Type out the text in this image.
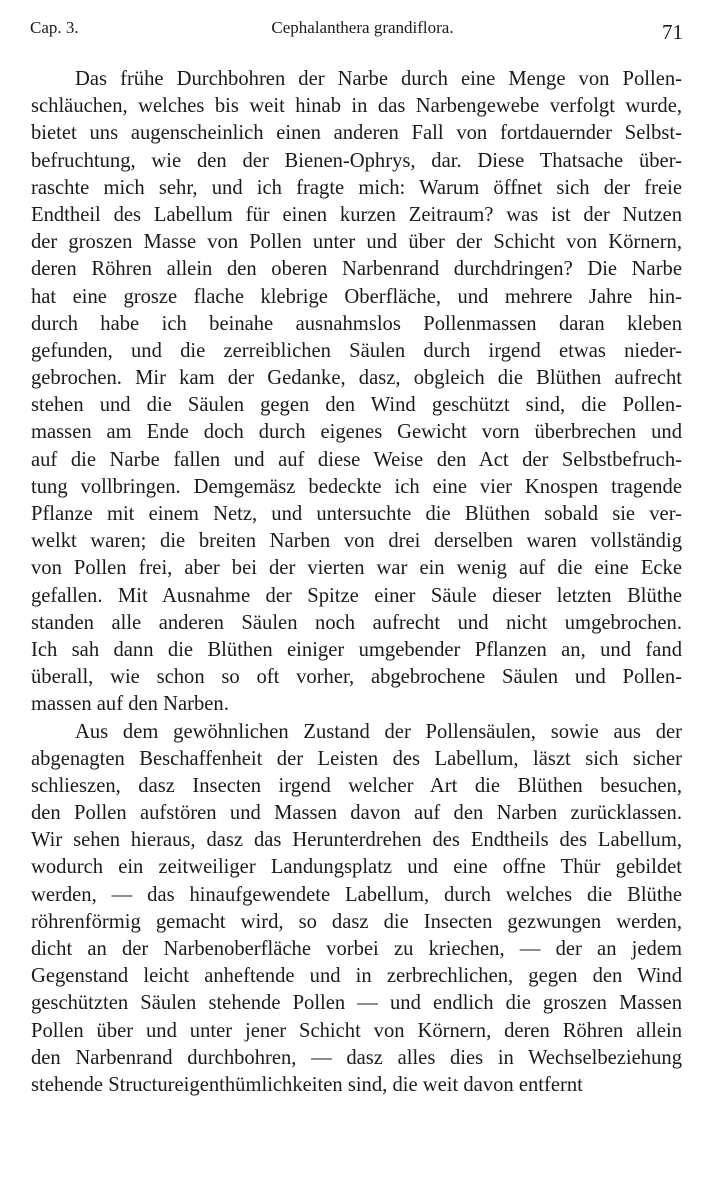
Cap. 3.	Cephalanthera grandiflora.	71
Das frühe Durchbohren der Narbe durch eine Menge von Pollen-
schläuchen, welches bis weit hinab in das Narbengewebe verfolgt wurde,
bietet uns augenscheinlich einen anderen Fall von fortdauernder Selbst-
befruchtung, wie den der Bienen-Ophrys, dar. Diese Thatsache über-
raschte mich sehr, und ich fragte mich: Warum öffnet sich der freie
Endtheil des Labellum für einen kurzen Zeitraum? was ist der Nutzen
der groszen Masse von Pollen unter und über der Schicht von Körnern,
deren Röhren allein den oberen Narbenrand durchdringen? Die Narbe
hat eine grosze flache klebrige Oberfläche, und mehrere Jahre hin-
durch habe ich beinahe ausnahmslos Pollenmassen daran kleben
gefunden, und die zerreiblichen Säulen durch irgend etwas nieder-
gebrochen. Mir kam der Gedanke, dasz, obgleich die Blüthen aufrecht
stehen und die Säulen gegen den Wind geschützt sind, die Pollen-
massen am Ende doch durch eigenes Gewicht vorn überbrechen und
auf die Narbe fallen und auf diese Weise den Act der Selbstbefruch-
tung vollbringen. Demgemäsz bedeckte ich eine vier Knospen tragende
Pflanze mit einem Netz, und untersuchte die Blüthen sobald sie ver-
welkt waren; die breiten Narben von drei derselben waren vollständig
von Pollen frei, aber bei der vierten war ein wenig auf die eine Ecke
gefallen. Mit Ausnahme der Spitze einer Säule dieser letzten Blüthe
standen alle anderen Säulen noch aufrecht und nicht umgebrochen.
Ich sah dann die Blüthen einiger umgebender Pflanzen an, und fand
überall, wie schon so oft vorher, abgebrochene Säulen und Pollen-
massen auf den Narben.
Aus dem gewöhnlichen Zustand der Pollensäulen, sowie aus der
abgenagten Beschaffenheit der Leisten des Labellum, läszt sich sicher
schlieszen, dasz Insecten irgend welcher Art die Blüthen besuchen,
den Pollen aufstören und Massen davon auf den Narben zurücklassen.
Wir sehen hieraus, dasz das Herunterdrehen des Endtheils des Labellum,
wodurch ein zeitweiliger Landungsplatz und eine offne Thür gebildet
werden, — das hinaufgewendete Labellum, durch welches die Blüthe
röhrenförmig gemacht wird, so dasz die Insecten gezwungen werden,
dicht an der Narbenoberfläche vorbei zu kriechen, — der an jedem
Gegenstand leicht anheftende und in zerbrechlichen, gegen den Wind
geschützten Säulen stehende Pollen — und endlich die groszen Massen
Pollen über und unter jener Schicht von Körnern, deren Röhren allein
den Narbenrand durchbohren, — dasz alles dies in Wechselbeziehung
stehende Structureigenthümlichkeiten sind, die weit davon entfernt
